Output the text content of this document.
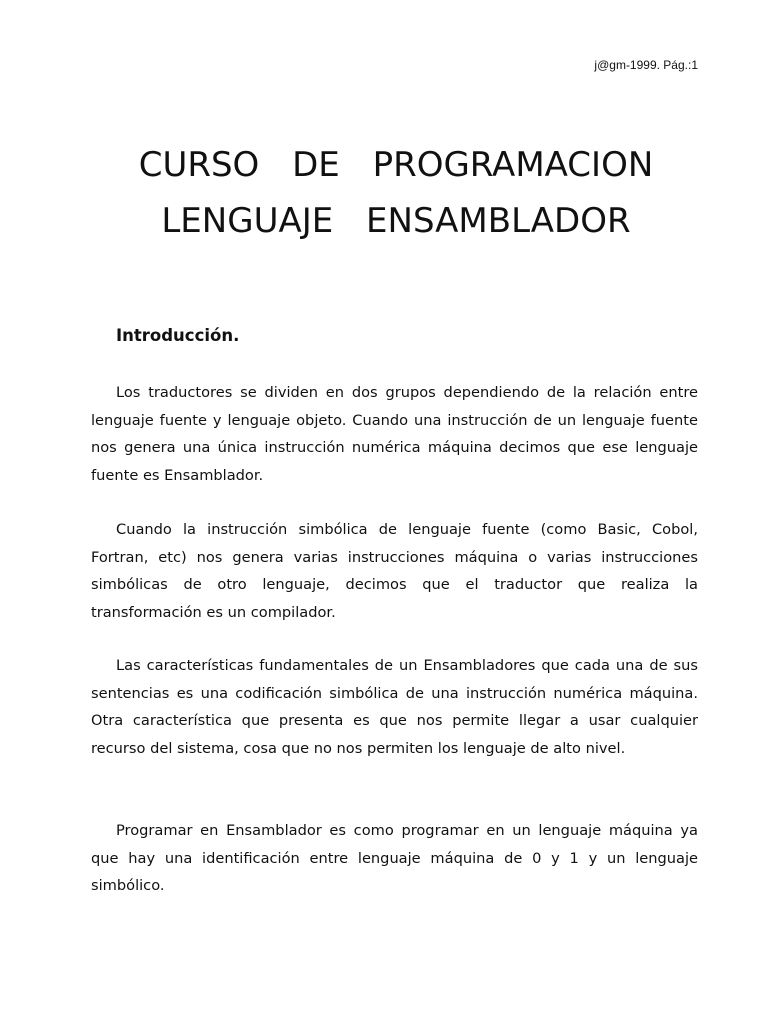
j@gm-1999. Pág.:1
CURSO DE PROGRAMACION
LENGUAJE ENSAMBLADOR
Introducción.

Los traductores se dividen en dos grupos dependiendo de la relación entre lenguaje fuente y lenguaje objeto. Cuando una instrucción de un lenguaje fuente nos genera una única instrucción numérica máquina decimos que ese lenguaje fuente es Ensamblador.

Cuando la instrucción simbólica de lenguaje fuente (como Basic, Cobol, Fortran, etc) nos genera varias instrucciones máquina o varias instrucciones simbólicas de otro lenguaje, decimos que el traductor que realiza la transformación es un compilador.

Las características fundamentales de un Ensambladores que cada una de sus sentencias es una codificación simbólica de una instrucción numérica máquina. Otra característica que presenta es que nos permite llegar a usar cualquier recurso del sistema, cosa que no nos permiten los lenguaje de alto nivel.

Programar en Ensamblador es como programar en un lenguaje máquina ya que hay una identificación entre lenguaje máquina de 0 y 1 y un lenguaje simbólico.
